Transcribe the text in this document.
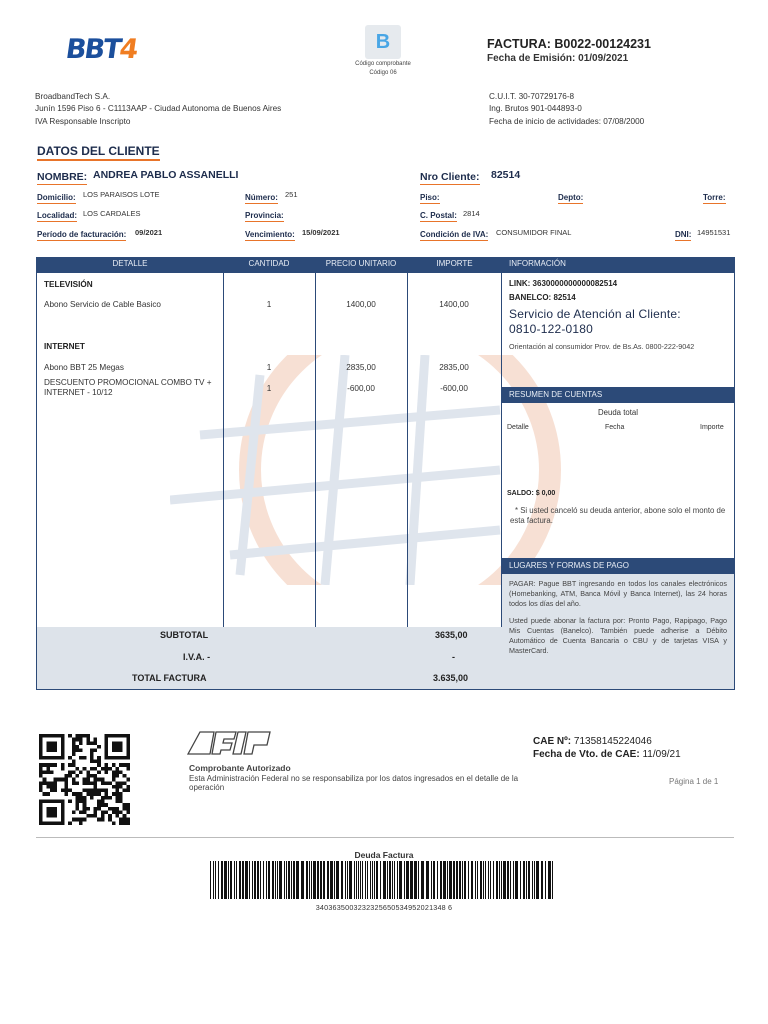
BBT4	B
Código comprobante
Código 06
FACTURA: B0022-00124231
Fecha de Emisión: 01/09/2021
BroadbandTech S.A.
Junín 1596 Piso 6 - C1113AAP - Ciudad Autonoma de Buenos Aires
IVA Responsable Inscripto
C.U.I.T. 30-70729176-8
Ing. Brutos 901-044893-0
Fecha de inicio de actividades: 07/08/2000
DATOS DEL CLIENTE
NOMBRE: ANDREA PABLO ASSANELLI	Nro Cliente: 82514
Domicilio: LOS PARAISOS LOTE	Número: 251	Piso:	Depto:	Torre:
Localidad: LOS CARDALES	Provincia:	C. Postal: 2814
Período de facturación: 09/2021	Vencimiento: 15/09/2021	Condición de IVA: CONSUMIDOR FINAL	DNI: 14951531
DETALLE	CANTIDAD	PRECIO UNITARIO	IMPORTE	INFORMACIÓN
TELEVISIÓN
Abono Servicio de Cable Basico	1	1400,00	1400,00
INTERNET
Abono BBT 25 Megas	1	2835,00	2835,00
DESCUENTO PROMOCIONAL COMBO TV + INTERNET - 10/12	1	-600,00	-600,00
SUBTOTAL	3635,00
I.V.A. -	-
TOTAL FACTURA	3.635,00
LINK: 3630000000000082514
BANELCO: 82514
Servicio de Atención al Cliente:
0810-122-0180
Orientación al consumidor Prov. de Bs.As. 0800-222-9042
RESUMEN DE CUENTAS
Deuda total
Detalle	Fecha	Importe
SALDO: $ 0,00
* Si usted canceló su deuda anterior, abone solo el monto de esta factura.
LUGARES Y FORMAS DE PAGO
PAGAR: Pague BBT ingresando en todos los canales electrónicos (Homebanking, ATM, Banca Móvil y Banca Internet), las 24 horas todos los días del año.
Usted puede abonar la factura por: Pronto Pago, Rapipago, Pago Mis Cuentas (Banelco). También puede adherise a Débito Automático de Cuenta Bancaria o CBU y de tarjetas VISA y MasterCard.
AFIP
Comprobante Autorizado
Esta Administración Federal no se responsabiliza por los datos ingresados en el detalle de la operación
CAE Nº: 71358145224046
Fecha de Vto. de CAE: 11/09/21
Página 1 de 1
Deuda Factura
3403635003232325650534952021348 6
